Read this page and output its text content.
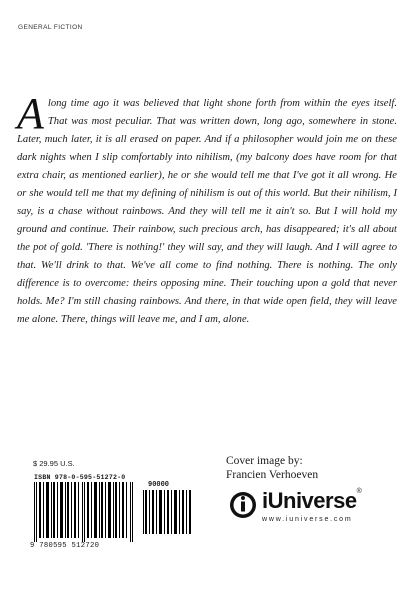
GENERAL FICTION
Along time ago it was believed that light shone forth from within the eyes itself. That was most peculiar. That was written down, long ago, somewhere in stone. Later, much later, it is all erased on paper. And if a philosopher would join me on these dark nights when I slip comfortably into nihilism, (my balcony does have room for that extra chair, as mentioned earlier), he or she would tell me that I've got it all wrong. He or she would tell me that my defining of nihilism is out of this world. But their nihilism, I say, is a chase without rainbows. And they will tell me it ain't so. But I will hold my ground and continue. Their rainbow, such precious arch, has disappeared; it's all about the pot of gold. 'There is nothing!' they will say, and they will laugh. And I will agree to that. We'll drink to that. We've all come to find nothing. There is nothing. The only difference is to overcome: theirs opposing mine. Their touching upon a gold that never holds. Me? I'm still chasing rainbows. And there, in that wide open field, they will leave me alone. There, things will leave me, and I am, alone.
$ 29.95 U.S.
ISBN 978-0-595-51272-0
90000
9 780595 512720
Cover image by:
Francien Verhoeven
iUniverse®
www.iuniverse.com
